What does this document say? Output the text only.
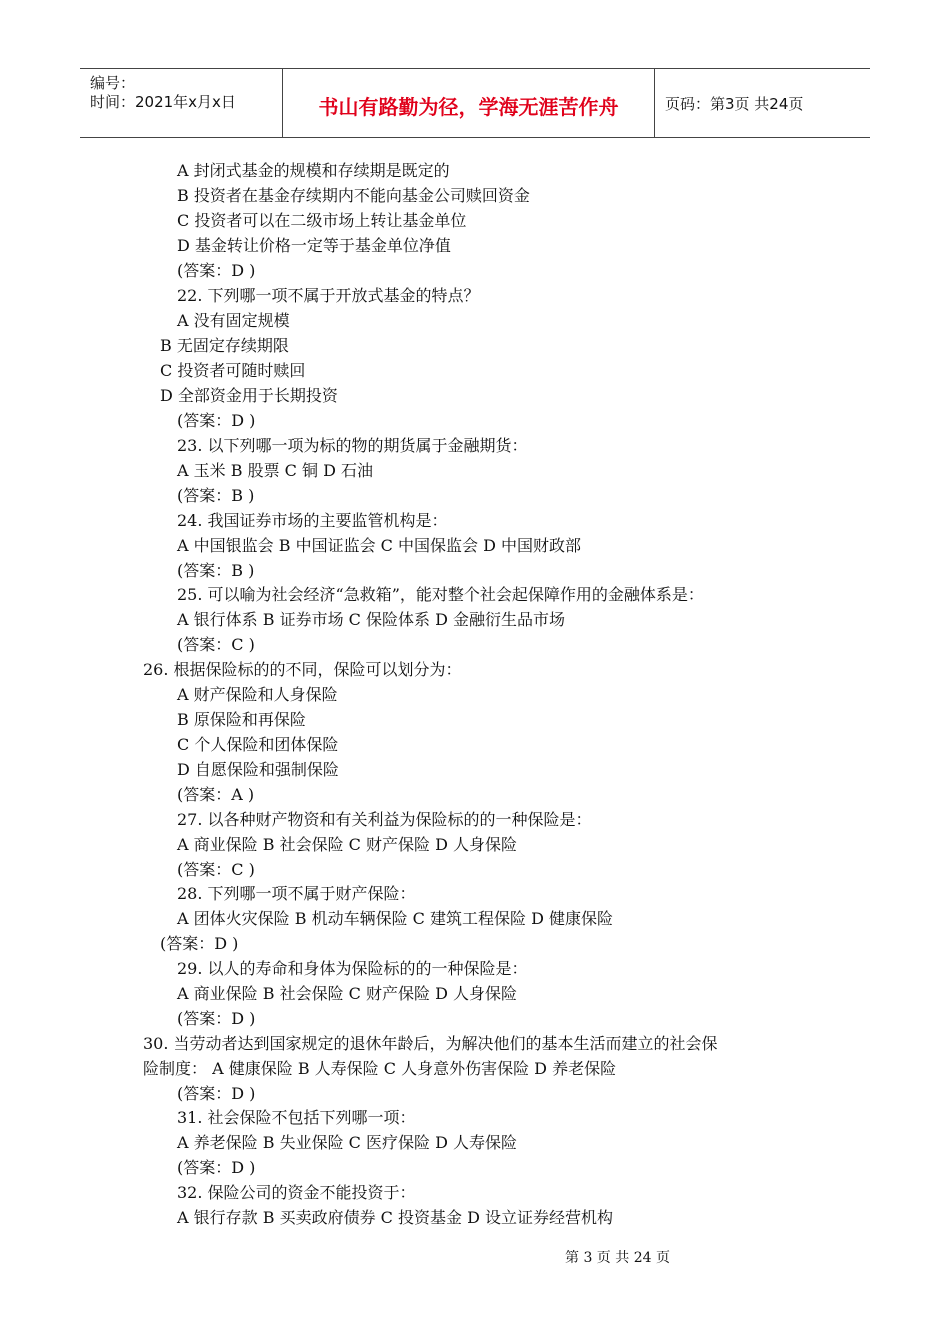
编号：
时间：2021年x月x日	书山有路勤为径，学海无涯苦作舟	页码：第3页 共24页
A 封闭式基金的规模和存续期是既定的
B 投资者在基金存续期内不能向基金公司赎回资金
C 投资者可以在二级市场上转让基金单位
D 基金转让价格一定等于基金单位净值
(答案：D )
22. 下列哪一项不属于开放式基金的特点？
A 没有固定规模
B 无固定存续期限
C 投资者可随时赎回
D 全部资金用于长期投资
(答案：D )
23. 以下列哪一项为标的物的期货属于金融期货：
A 玉米 B 股票 C 铜 D 石油
(答案：B )
24. 我国证券市场的主要监管机构是：
A 中国银监会 B 中国证监会 C 中国保监会 D 中国财政部
(答案：B )
25. 可以喻为社会经济“急救箱”，能对整个社会起保障作用的金融体系是：
A 银行体系 B 证券市场 C 保险体系 D 金融衍生品市场
(答案：C )
26. 根据保险标的的不同，保险可以划分为：
A 财产保险和人身保险
B 原保险和再保险
C 个人保险和团体保险
D 自愿保险和强制保险
(答案：A )
27. 以各种财产物资和有关利益为保险标的的一种保险是：
A 商业保险 B 社会保险 C 财产保险 D 人身保险
(答案：C )
28. 下列哪一项不属于财产保险：
A 团体火灾保险 B 机动车辆保险 C 建筑工程保险 D 健康保险
(答案：D )
29. 以人的寿命和身体为保险标的的一种保险是：
A 商业保险 B 社会保险 C 财产保险 D 人身保险
(答案：D )
30. 当劳动者达到国家规定的退休年龄后，为解决他们的基本生活而建立的社会保
险制度： A 健康保险 B 人寿保险 C 人身意外伤害保险 D 养老保险
(答案：D )
31. 社会保险不包括下列哪一项：
A 养老保险 B 失业保险 C 医疗保险 D 人寿保险
(答案：D )
32. 保险公司的资金不能投资于：
A 银行存款 B 买卖政府债券 C 投资基金 D 设立证券经营机构
第 3 页 共 24 页
